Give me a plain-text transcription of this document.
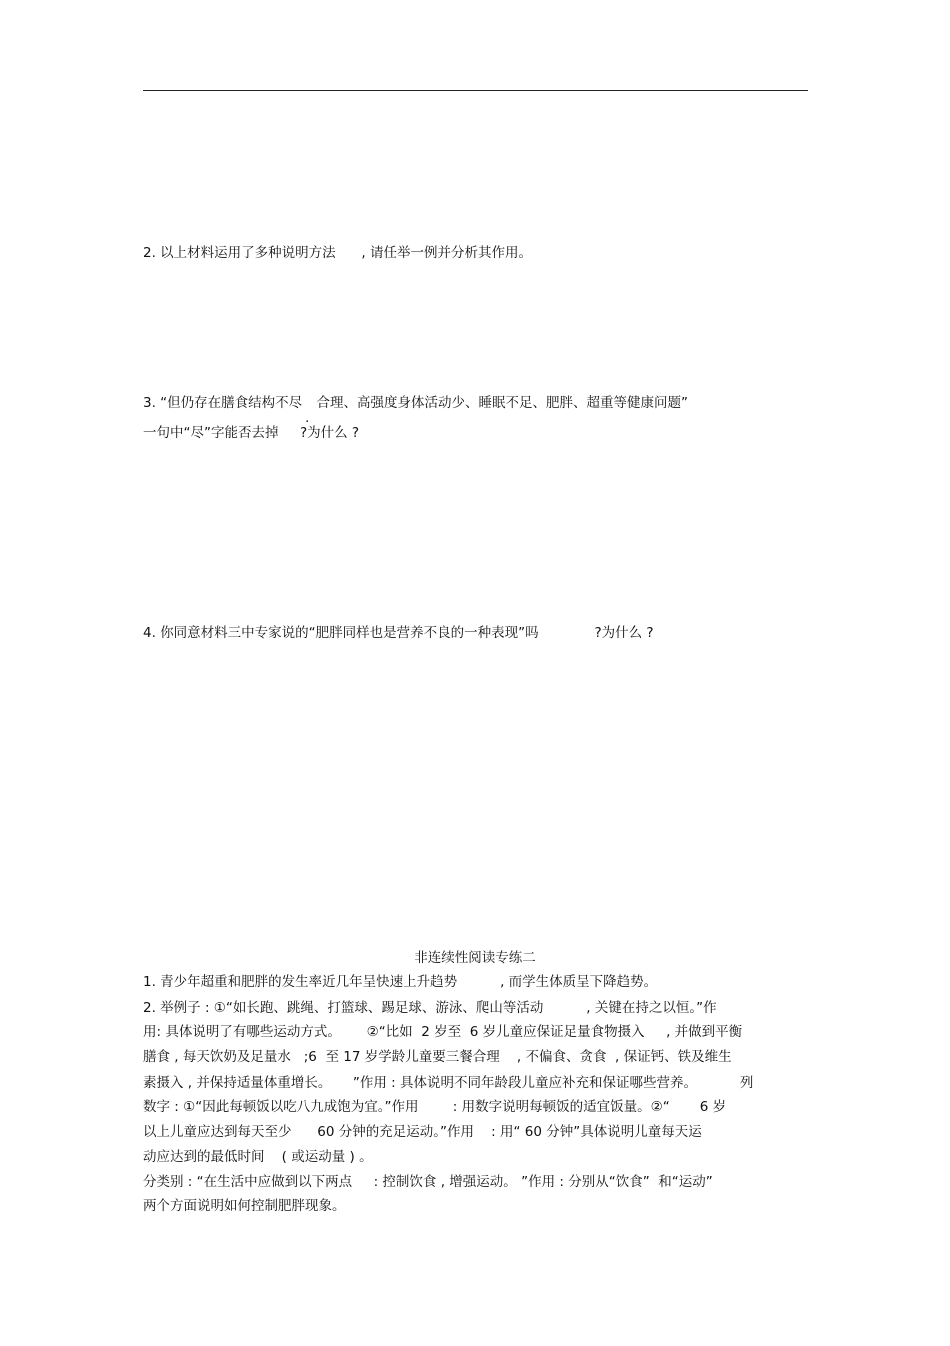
2. 以上材料运用了多种说明方法      , 请任举一例并分析其作用。
3. “但仍存在膳食结构不尽
.
合理、高强度身体活动少、睡眠不足、肥胖、超重等健康问题”
一句中“尽”字能否去掉     ?为什么 ?
4. 你同意材料三中专家说的“肥胖同样也是营养不良的一种表现”吗             ?为什么 ?
非连续性阅读专练二
1. 青少年超重和肥胖的发生率近几年呈快速上升趋势          , 而学生体质呈下降趋势。
2. 举例子 : ①“如长跑、跳绳、打篮球、踢足球、游泳、爬山等活动          , 关键在持之以恒。”作
用: 具体说明了有哪些运动方式。      ②“比如  2 岁至  6 岁儿童应保证足量食物摄入     , 并做到平衡
膳食 , 每天饮奶及足量水   ;6  至 17 岁学龄儿童要三餐合理    , 不偏食、贪食  , 保证钙、铁及维生
素摄入 , 并保持适量体重增长。     ”作用 : 具体说明不同年龄段儿童应补充和保证哪些营养。          列
数字 : ①“因此每顿饭以吃八九成饱为宜。”作用        : 用数字说明每顿饭的适宜饭量。②“       6 岁
以上儿童应达到每天至少      60 分钟的充足运动。”作用    : 用“ 60 分钟”具体说明儿童每天运
动应达到的最低时间    ( 或运动量 ) 。
分类别 : “在生活中应做到以下两点     : 控制饮食 , 增强运动。 ”作用 : 分别从“饮食”  和“运动”
两个方面说明如何控制肥胖现象。
